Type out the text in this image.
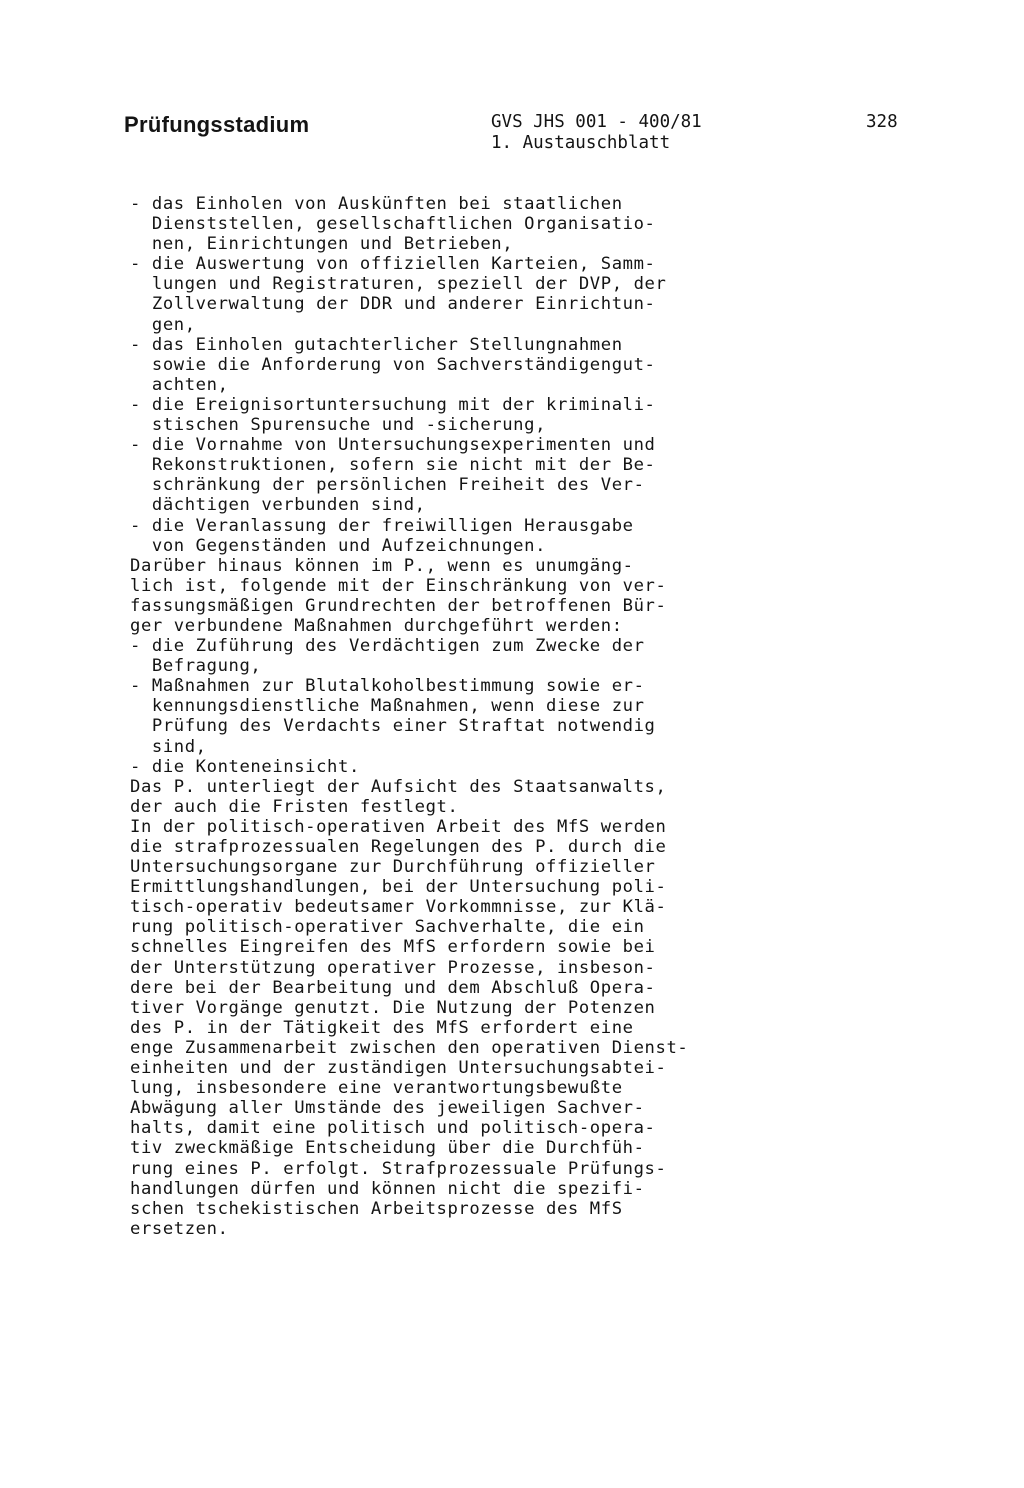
Prüfungsstadium	GVS JHS 001 - 400/81
1. Austauschblatt
328
- das Einholen von Auskünften bei staatlichen
Dienststellen, gesellschaftlichen Organisatio-
nen, Einrichtungen und Betrieben,
- die Auswertung von offiziellen Karteien, Samm-
lungen und Registraturen, speziell der DVP, der
Zollverwaltung der DDR und anderer Einrichtun-
gen,
- das Einholen gutachterlicher Stellungnahmen
sowie die Anforderung von Sachverständigengut-
achten,
- die Ereignisortuntersuchung mit der kriminali-
stischen Spurensuche und -sicherung,
- die Vornahme von Untersuchungsexperimenten und
Rekonstruktionen, sofern sie nicht mit der Be-
schränkung der persönlichen Freiheit des Ver-
dächtigen verbunden sind,
- die Veranlassung der freiwilligen Herausgabe
von Gegenständen und Aufzeichnungen.
Darüber hinaus können im P., wenn es unumgäng-
lich ist, folgende mit der Einschränkung von ver-
fassungsmäßigen Grundrechten der betroffenen Bür-
ger verbundene Maßnahmen durchgeführt werden:
- die Zuführung des Verdächtigen zum Zwecke der
Befragung,
- Maßnahmen zur Blutalkoholbestimmung sowie er-
kennungsdienstliche Maßnahmen, wenn diese zur
Prüfung des Verdachts einer Straftat notwendig
sind,
- die Konteneinsicht.
Das P. unterliegt der Aufsicht des Staatsanwalts,
der auch die Fristen festlegt.
In der politisch-operativen Arbeit des MfS werden
die strafprozessualen Regelungen des P. durch die
Untersuchungsorgane zur Durchführung offizieller
Ermittlungshandlungen, bei der Untersuchung poli-
tisch-operativ bedeutsamer Vorkommnisse, zur Klä-
rung politisch-operativer Sachverhalte, die ein
schnelles Eingreifen des MfS erfordern sowie bei
der Unterstützung operativer Prozesse, insbeson-
dere bei der Bearbeitung und dem Abschluß Opera-
tiver Vorgänge genutzt. Die Nutzung der Potenzen
des P. in der Tätigkeit des MfS erfordert eine
enge Zusammenarbeit zwischen den operativen Dienst-
einheiten und der zuständigen Untersuchungsabtei-
lung, insbesondere eine verantwortungsbewußte
Abwägung aller Umstände des jeweiligen Sachver-
halts, damit eine politisch und politisch-opera-
tiv zweckmäßige Entscheidung über die Durchfüh-
rung eines P. erfolgt. Strafprozessuale Prüfungs-
handlungen dürfen und können nicht die spezifi-
schen tschekistischen Arbeitsprozesse des MfS
ersetzen.
